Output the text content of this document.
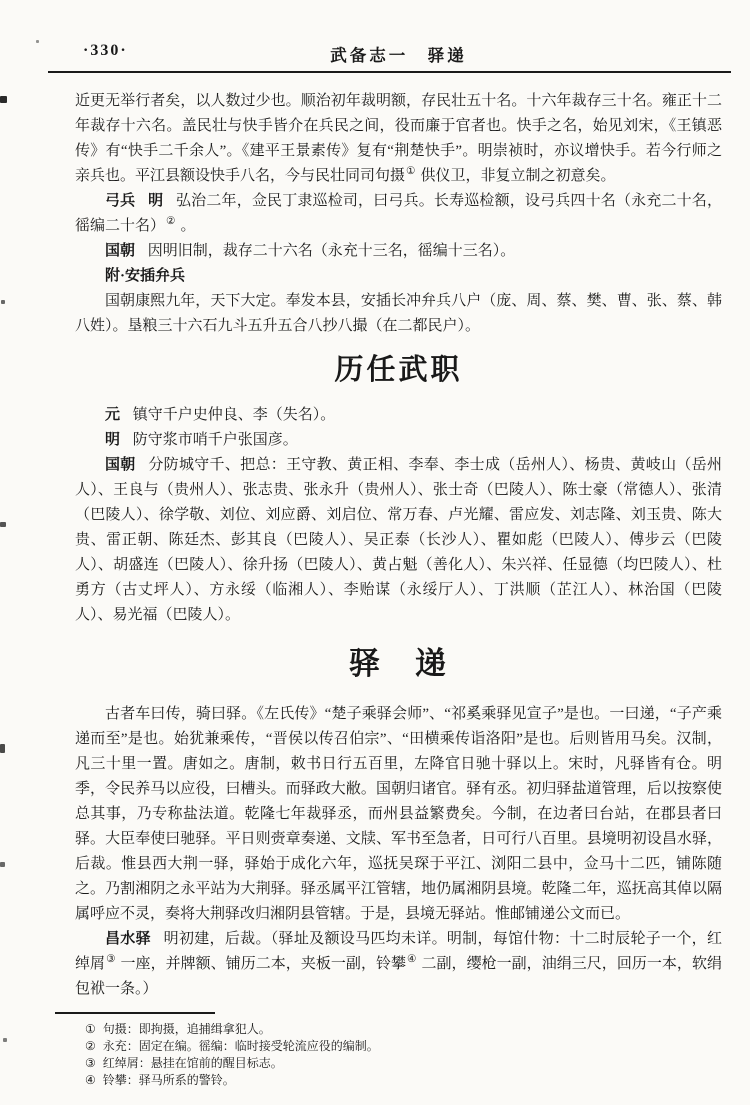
·330·	武备志一　驿递

近更无举行者矣，以人数过少也。顺治初年裁明额，存民壮五十名。十六年裁存三十名。雍正十二年裁存十六名。盖民壮与快手皆介在兵民之间，役而廉于官者也。快手之名，始见刘宋，《王镇恶传》有“快手二千余人”。《建平王景素传》复有“荆楚快手”。明崇祯时，亦议增快手。若今行师之亲兵也。平江县额设快手八名，今与民壮同司句摄① 供仪卫，非复立制之初意矣。

弓兵 明 弘治二年，佥民丁隶巡检司，曰弓兵。长寿巡检额，设弓兵四十名（永充二十名，徭编二十名）② 。

国朝 因明旧制，裁存二十六名（永充十三名，徭编十三名）。

附·安插弁兵

国朝康熙九年，天下大定。奉发本县，安插长冲弁兵八户（庞、周、蔡、樊、曹、张、蔡、韩八姓）。垦粮三十六石九斗五升五合八抄八撮（在二都民户）。

历任武职

元 镇守千户史仲良、李（失名）。

明 防守浆市哨千户张国彦。

国朝 分防城守千、把总：王守教、黄正相、李奉、李士成（岳州人）、杨贵、黄岐山（岳州人）、王良与（贵州人）、张志贵、张永升（贵州人）、张士奇（巴陵人）、陈士豪（常德人）、张清（巴陵人）、徐学敬、刘位、刘应爵、刘启位、常万春、卢光耀、雷应发、刘志隆、刘玉贵、陈大贵、雷正朝、陈廷杰、彭其良（巴陵人）、吴正泰（长沙人）、瞿如彪（巴陵人）、傅步云（巴陵人）、胡盛连（巴陵人）、徐升扬（巴陵人）、黄占魁（善化人）、朱兴祥、任显德（均巴陵人）、杜勇方（古丈坪人）、方永绥（临湘人）、李贻谋（永绥厅人）、丁洪顺（芷江人）、林治国（巴陵人）、易光福（巴陵人）。

驿　递

古者车曰传，骑曰驿。《左氏传》“楚子乘驿会师”、“祁奚乘驿见宣子”是也。一曰递，“子产乘递而至”是也。始犹兼乘传，“晋侯以传召伯宗”、“田横乘传诣洛阳”是也。后则皆用马矣。汉制，凡三十里一置。唐如之。唐制，敕书日行五百里，左降官日驰十驿以上。宋时，凡驿皆有仓。明季，令民养马以应役，曰槽头。而驿政大敝。国朝归诸官。驿有丞。初归驿盐道管理，后以按察使总其事，乃专称盐法道。乾隆七年裁驿丞，而州县益繁费矣。今制，在边者曰台站，在郡县者曰驿。大臣奉使曰驰驿。平日则赍章奏递、文牍、军书至急者，日可行八百里。县境明初设昌水驿，后裁。惟县西大荆一驿，驿始于成化六年，巡抚吴琛于平江、浏阳二县中，佥马十二匹，铺陈随之。乃割湘阴之永平站为大荆驿。驿丞属平江管辖，地仍属湘阴县境。乾隆二年，巡抚高其倬以隔属呼应不灵，奏将大荆驿改归湘阴县管辖。于是，县境无驿站。惟邮铺递公文而已。

昌水驿 明初建，后裁。（驿址及额设马匹均未详。明制，每馆什物：十二时辰轮子一个，红绰屑③ 一座，并牌额、铺历二本，夹板一副，铃攀④ 二副，缨枪一副，油绢三尺，回历一本，软绢包袱一条。）

① 句摄：即拘摄，追捕缉拿犯人。
② 永充：固定在编。徭编：临时接受轮流应役的编制。
③ 红绰屑：悬挂在馆前的醒目标志。
④ 铃攀：驿马所系的警铃。
